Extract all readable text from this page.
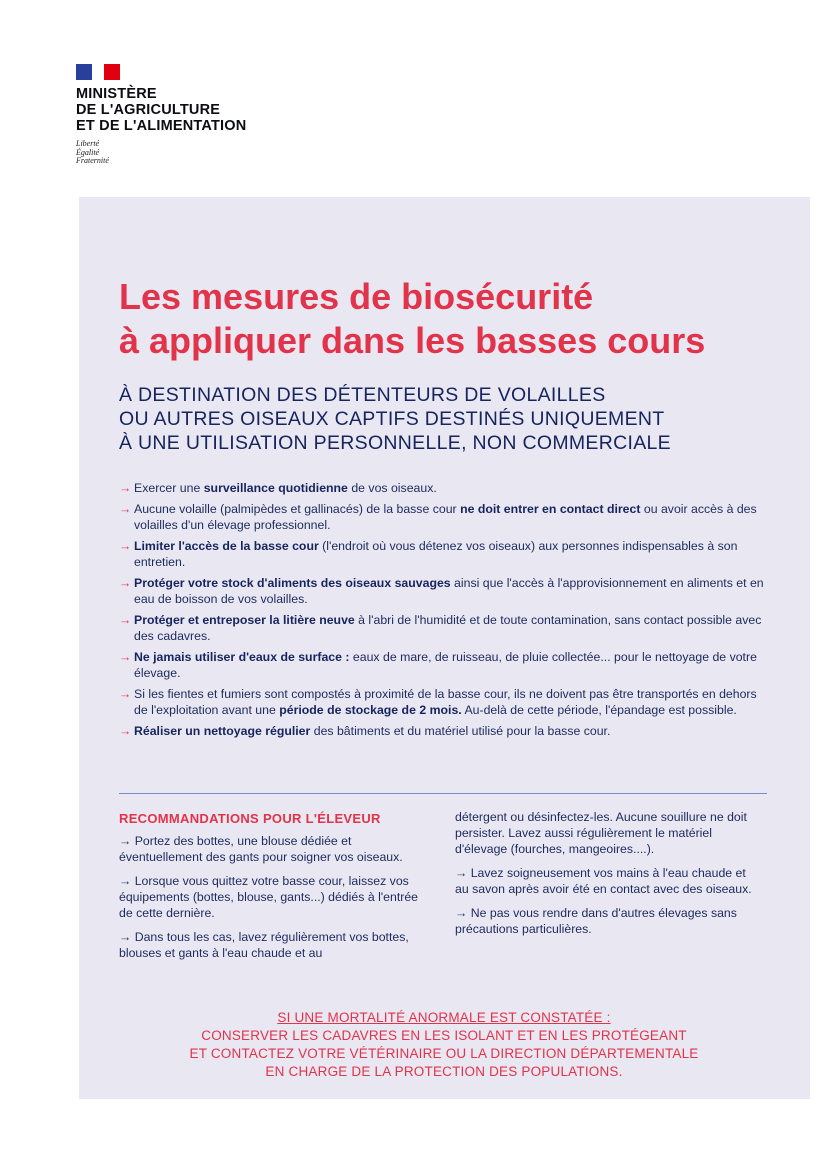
MINISTÈRE
DE L'AGRICULTURE
ET DE L'ALIMENTATION
Liberté
Égalité
Fraternité
Les mesures de biosécurité
à appliquer dans les basses cours
À DESTINATION DES DÉTENTEURS DE VOLAILLES
OU AUTRES OISEAUX CAPTIFS DESTINÉS UNIQUEMENT
À UNE UTILISATION PERSONNELLE, NON COMMERCIALE
→ Exercer une surveillance quotidienne de vos oiseaux.
→ Aucune volaille (palmipèdes et gallinacés) de la basse cour ne doit entrer en contact direct ou avoir accès à des volailles d'un élevage professionnel.
→ Limiter l'accès de la basse cour (l'endroit où vous détenez vos oiseaux) aux personnes indispensables à son entretien.
→ Protéger votre stock d'aliments des oiseaux sauvages ainsi que l'accès à l'approvisionnement en aliments et en eau de boisson de vos volailles.
→ Protéger et entreposer la litière neuve à l'abri de l'humidité et de toute contamination, sans contact possible avec des cadavres.
→ Ne jamais utiliser d'eaux de surface : eaux de mare, de ruisseau, de pluie collectée... pour le nettoyage de votre élevage.
→ Si les fientes et fumiers sont compostés à proximité de la basse cour, ils ne doivent pas être transportés en dehors de l'exploitation avant une période de stockage de 2 mois. Au-delà de cette période, l'épandage est possible.
→ Réaliser un nettoyage régulier des bâtiments et du matériel utilisé pour la basse cour.
RECOMMANDATIONS POUR L'ÉLEVEUR

→ Portez des bottes, une blouse dédiée et éventuellement des gants pour soigner vos oiseaux.

→ Lorsque vous quittez votre basse cour, laissez vos équipements (bottes, blouse, gants...) dédiés à l'entrée de cette dernière.

→ Dans tous les cas, lavez régulièrement vos bottes, blouses et gants à l'eau chaude et au

détergent ou désinfectez-les. Aucune souillure ne doit persister. Lavez aussi régulièrement le matériel d'élevage (fourches, mangeoires....).

→ Lavez soigneusement vos mains à l'eau chaude et au savon après avoir été en contact avec des oiseaux.

→ Ne pas vous rendre dans d'autres élevages sans précautions particulières.

SI UNE MORTALITÉ ANORMALE EST CONSTATÉE :
CONSERVER LES CADAVRES EN LES ISOLANT ET EN LES PROTÉGEANT
ET CONTACTEZ VOTRE VÉTÉRINAIRE OU LA DIRECTION DÉPARTEMENTALE
EN CHARGE DE LA PROTECTION DES POPULATIONS.
